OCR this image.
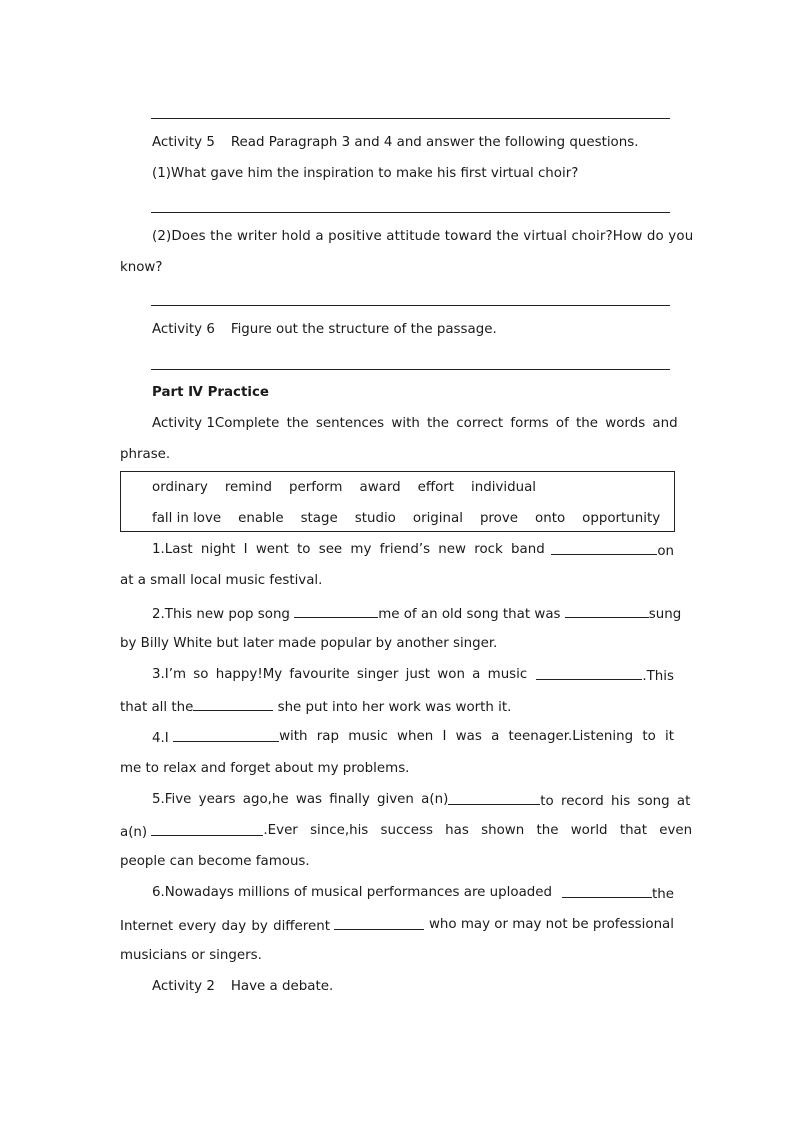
Activity 5 Read Paragraph 3 and 4 and answer the following questions.
(1)What gave him the inspiration to make his first virtual choir?
(2)Does the writer hold a positive attitude toward the virtual choir?How do you
know?
Activity 6 Figure out the structure of the passage.
Part Ⅳ Practice
Activity 1 Complete the sentences with the correct forms of the words and
phrase.
ordinary remind perform award effort individual
fall in love enable stage studio original prove onto opportunity
1.Last night I went to see my friend’s new rock band	on
at a small local music festival.
2.This new pop song	me of an old song that was	sung
by Billy White but later made popular by another singer.
3.I’m so happy!My favourite singer just won a music	.This
that all the	she put into her work was worth it.
4.I	with rap music when I was a teenager.Listening to it
me to relax and forget about my problems.
5.Five years ago,he was finally given a(n)	to record his song at
a(n)	.Ever since,his success has shown the world that even
people can become famous.
6.Nowadays millions of musical performances are uploaded	the
Internet every day by different	who may or may not be professional
musicians or singers.
Activity 2 Have a debate.
